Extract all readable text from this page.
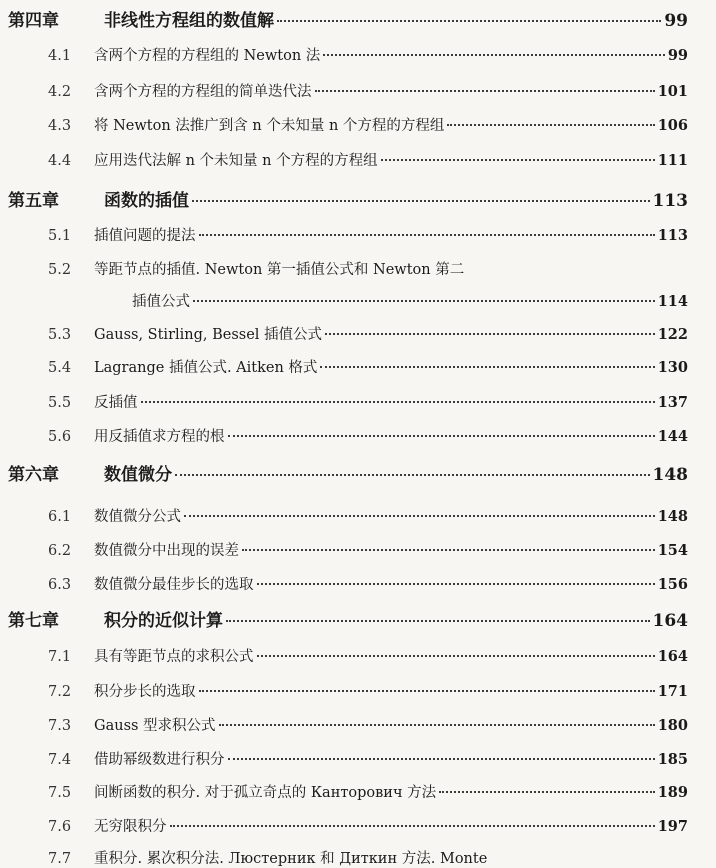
第四章	非线性方程组的数值解	99
4.1	含两个方程的方程组的 Newton 法	99
4.2	含两个方程的方程组的简单迭代法	101
4.3	将 Newton 法推广到含 n 个未知量 n 个方程的方程组	106
4.4	应用迭代法解 n 个未知量 n 个方程的方程组	111
第五章	函数的插值	113
5.1	插值问题的提法	113
5.2	等距节点的插值. Newton 第一插值公式和 Newton 第二
插值公式	114
5.3	Gauss, Stirling, Bessel 插值公式	122
5.4	Lagrange 插值公式. Aitken 格式	130
5.5	反插值	137
5.6	用反插值求方程的根	144
第六章	数值微分	148
6.1	数值微分公式	148
6.2	数值微分中出现的误差	154
6.3	数值微分最佳步长的选取	156
第七章	积分的近似计算	164
7.1	具有等距节点的求积公式	164
7.2	积分步长的选取	171
7.3	Gauss 型求积公式	180
7.4	借助幂级数进行积分	185
7.5	间断函数的积分. 对于孤立奇点的 Канторович 方法	189
7.6	无穷限积分	197
7.7	重积分. 累次积分法. Люстерник 和 Диткин 方法. Monte
